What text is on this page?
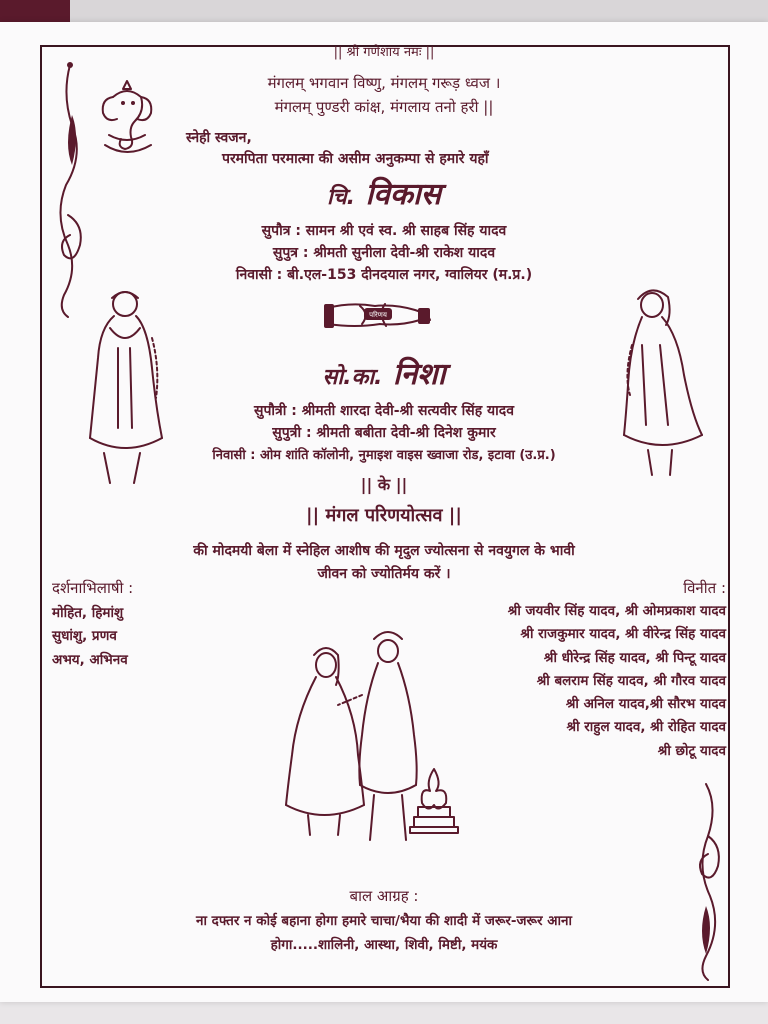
|| श्री गणेशाय नमः ||
मंगलम् भगवान विष्णु, मंगलम् गरूड़ ध्वज ।
मंगलम् पुण्डरी कांक्ष, मंगलाय तनो हरी ||
स्नेही स्वजन,
परमपिता परमात्मा की असीम अनुकम्पा से हमारे यहाँ
चि. विकास
सुपौत्र : सामन श्री एवं स्व. श्री साहब सिंह यादव
सुपुत्र : श्रीमती सुनीला देवी-श्री राकेश यादव
निवासी : बी.एल-153 दीनदयाल नगर, ग्वालियर (म.प्र.)
परिणय
सो.का. निशा
सुपौत्री : श्रीमती शारदा देवी-श्री सत्यवीर सिंह यादव
सुपुत्री : श्रीमती बबीता देवी-श्री दिनेश कुमार
निवासी : ओम शांति कॉलोनी, नुमाइश वाइस ख्वाजा रोड, इटावा (उ.प्र.)
|| के ||
|| मंगल परिणयोत्सव ||
की मोदमयी बेला में स्नेहिल आशीष की मृदुल ज्योत्सना से नवयुगल के भावी
जीवन को ज्योतिर्मय करें ।
दर्शनाभिलाषी :
मोहित, हिमांशु
सुधांशु, प्रणव
अभय, अभिनव
विनीत :
श्री जयवीर सिंह यादव, श्री ओमप्रकाश यादव
श्री राजकुमार यादव, श्री वीरेन्द्र सिंह यादव
श्री धीरेन्द्र सिंह यादव, श्री पिन्टू यादव
श्री बलराम सिंह यादव, श्री गौरव यादव
श्री अनिल यादव,श्री सौरभ यादव
श्री राहुल यादव, श्री रोहित यादव
श्री छोटू यादव
बाल आग्रह :
ना दफ्तर न कोई बहाना होगा हमारे चाचा/भैया की शादी में जरूर-जरूर आना
होगा.....शालिनी, आस्था, शिवी, मिष्टी, मयंक
